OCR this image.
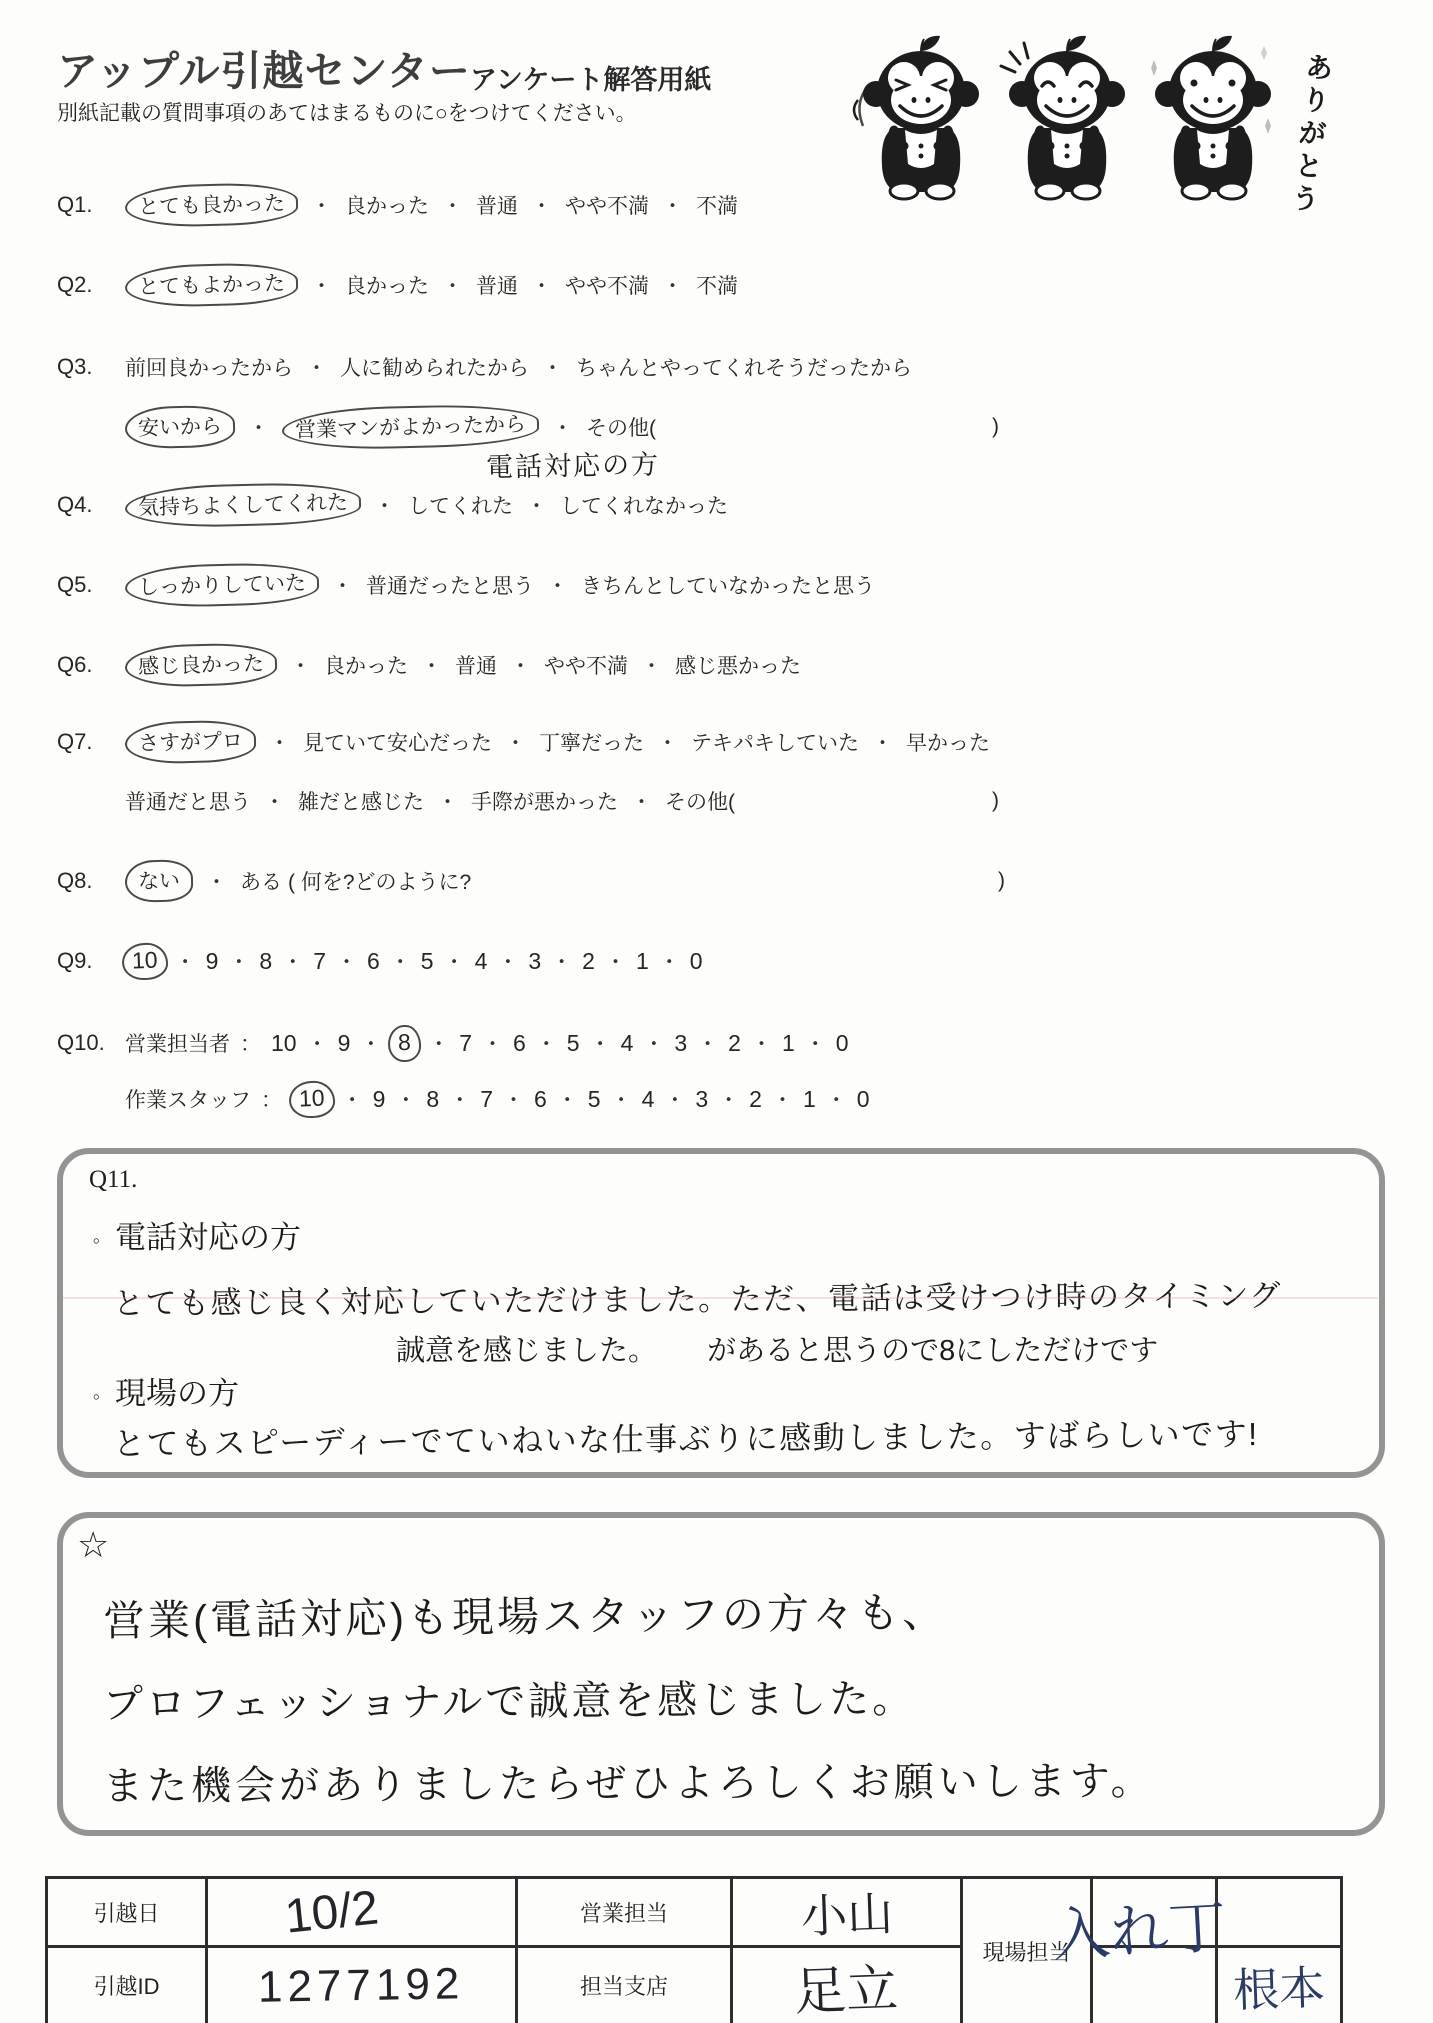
アップル引越センター アンケート解答用紙
別紙記載の質問事項のあてはまるものに○をつけてください。	ありがとう
Q1.	とても良かった	・ 良かった ・ 普通 ・ やや不満 ・ 不満
Q2.	とてもよかった	・ 良かった ・ 普通 ・ やや不満 ・ 不満
Q3.	前回良かったから ・ 人に勧められたから ・ ちゃんとやってくれそうだったから
安いから	・	営業マンがよかったから	・ その他(	)
電話対応の方
Q4.	気持ちよくしてくれた	・ してくれた ・ してくれなかった
Q5.	しっかりしていた	・ 普通だったと思う ・ きちんとしていなかったと思う
Q6.	感じ良かった	・ 良かった ・ 普通 ・ やや不満 ・ 感じ悪かった
Q7.	さすがプロ	・ 見ていて安心だった ・ 丁寧だった ・ テキパキしていた ・ 早かった
普通だと思う ・ 雑だと感じた ・ 手際が悪かった ・ その他(	)
Q8.	ない	・ ある ( 何を?どのように?	)
Q9.	10 ・ 9 ・ 8 ・ 7 ・ 6 ・ 5 ・ 4 ・ 3 ・ 2 ・ 1 ・ 0
Q10. 営業担当者 ： 10 ・ 9 ・ 8 ・ 7 ・ 6 ・ 5 ・ 4 ・ 3 ・ 2 ・ 1 ・ 0
作業スタッフ ： 10 ・ 9 ・ 8 ・ 7 ・ 6 ・ 5 ・ 4 ・ 3 ・ 2 ・ 1 ・ 0
Q11.
。 電話対応の方
とても感じ良く対応していただけました。ただ、電話は受けつけ時のタイミング
誠意を感じました。 があると思うので8にしただけです
。 現場の方
とてもスピーディーでていねいな仕事ぶりに感動しました。すばらしいです!
☆
営業(電話対応)も現場スタッフの方々も、
プロフェッショナルで誠意を感じました。
また機会がありましたらぜひよろしくお願いします。
引越日	10/2	営業担当	小山	現場担当		
引越ID	1277192	担当支店	足立			根本
入れ丁
